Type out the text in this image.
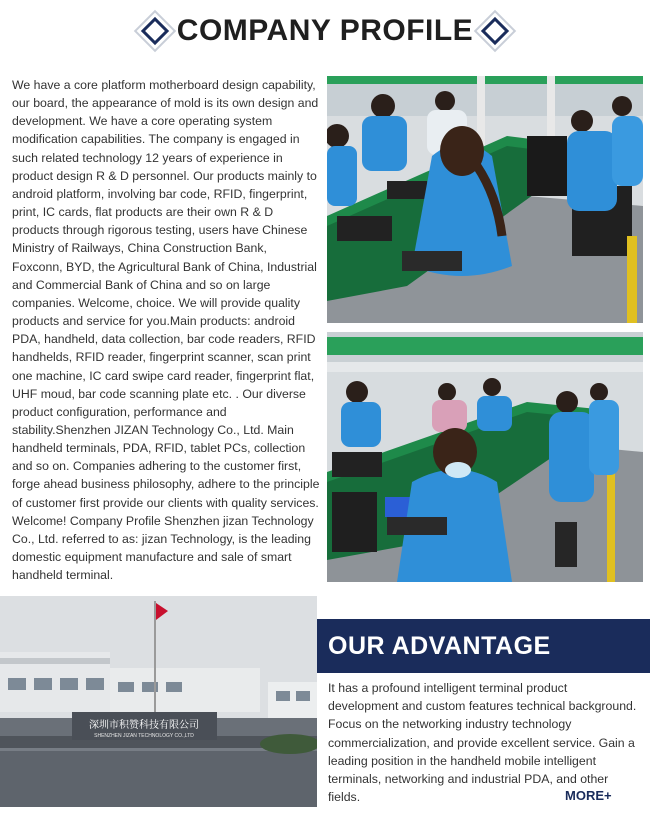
COMPANY PROFILE

We have a core platform motherboard design capability, our board, the appearance of mold is its own design and development. We have a core operating system modification capabilities. The company is engaged in such related technology 12 years of experience in product design R & D personnel. Our products mainly to android platform, involving bar code, RFID, fingerprint, print, IC cards, flat products are their own R & D products through rigorous testing, users have Chinese Ministry of Railways, China Construction Bank, Foxconn, BYD, the Agricultural Bank of China, Industrial and Commercial Bank of China and so on large companies. Welcome, choice. We will provide quality products and service for you.Main products: android PDA, handheld, data collection, bar code readers, RFID handhelds, RFID reader, fingerprint scanner, scan print one machine, IC card swipe card reader, fingerprint flat, UHF moud, bar code scanning plate etc. . Our diverse product configuration, performance and stability.Shenzhen JIZAN Technology Co., Ltd. Main handheld terminals, PDA, RFID, tablet PCs, collection and so on. Companies adhering to the customer first, forge ahead business philosophy, adhere to the principle of customer first provide our clients with quality services. Welcome! Company Profile Shenzhen jizan Technology Co., Ltd. referred to as: jizan Technology, is the leading domestic equipment manufacture and sale of smart handheld terminal.

深圳市积赞科技有限公司
SHENZHEN JIZAN TECHNOLOGY CO.,LTD
OUR ADVANTAGE

It has a profound intelligent terminal product development and custom features technical background. Focus on the networking industry technology commercialization, and provide excellent service. Gain a leading position in the handheld mobile intelligent terminals, networking and industrial PDA, and other fields.	MORE+
